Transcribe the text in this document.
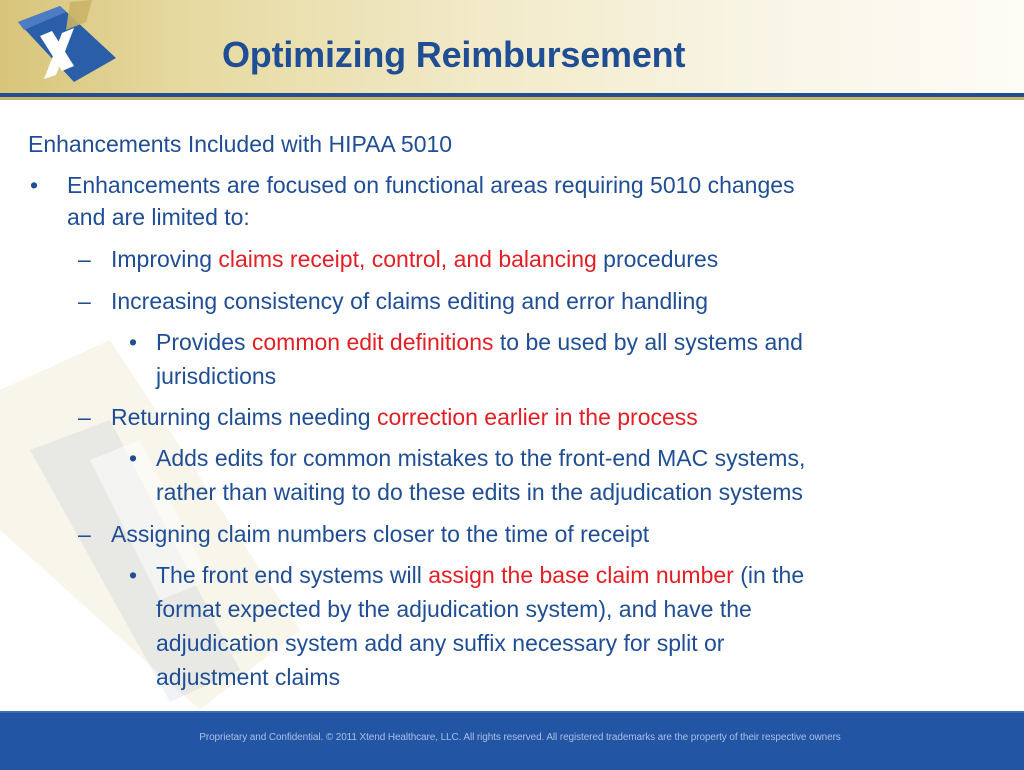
Optimizing Reimbursement
Enhancements Included with HIPAA 5010
• Enhancements are focused on functional areas requiring 5010 changes
and are limited to:
– Improving claims receipt, control, and balancing procedures
– Increasing consistency of claims editing and error handling
• Provides common edit definitions to be used by all systems and
jurisdictions
– Returning claims needing correction earlier in the process
• Adds edits for common mistakes to the front-end MAC systems,
rather than waiting to do these edits in the adjudication systems
– Assigning claim numbers closer to the time of receipt
• The front end systems will assign the base claim number (in the
format expected by the adjudication system), and have the
adjudication system add any suffix necessary for split or
adjustment claims
Proprietary and Confidential. © 2011 Xtend Healthcare, LLC. All rights reserved. All registered trademarks are the property of their respective owners
